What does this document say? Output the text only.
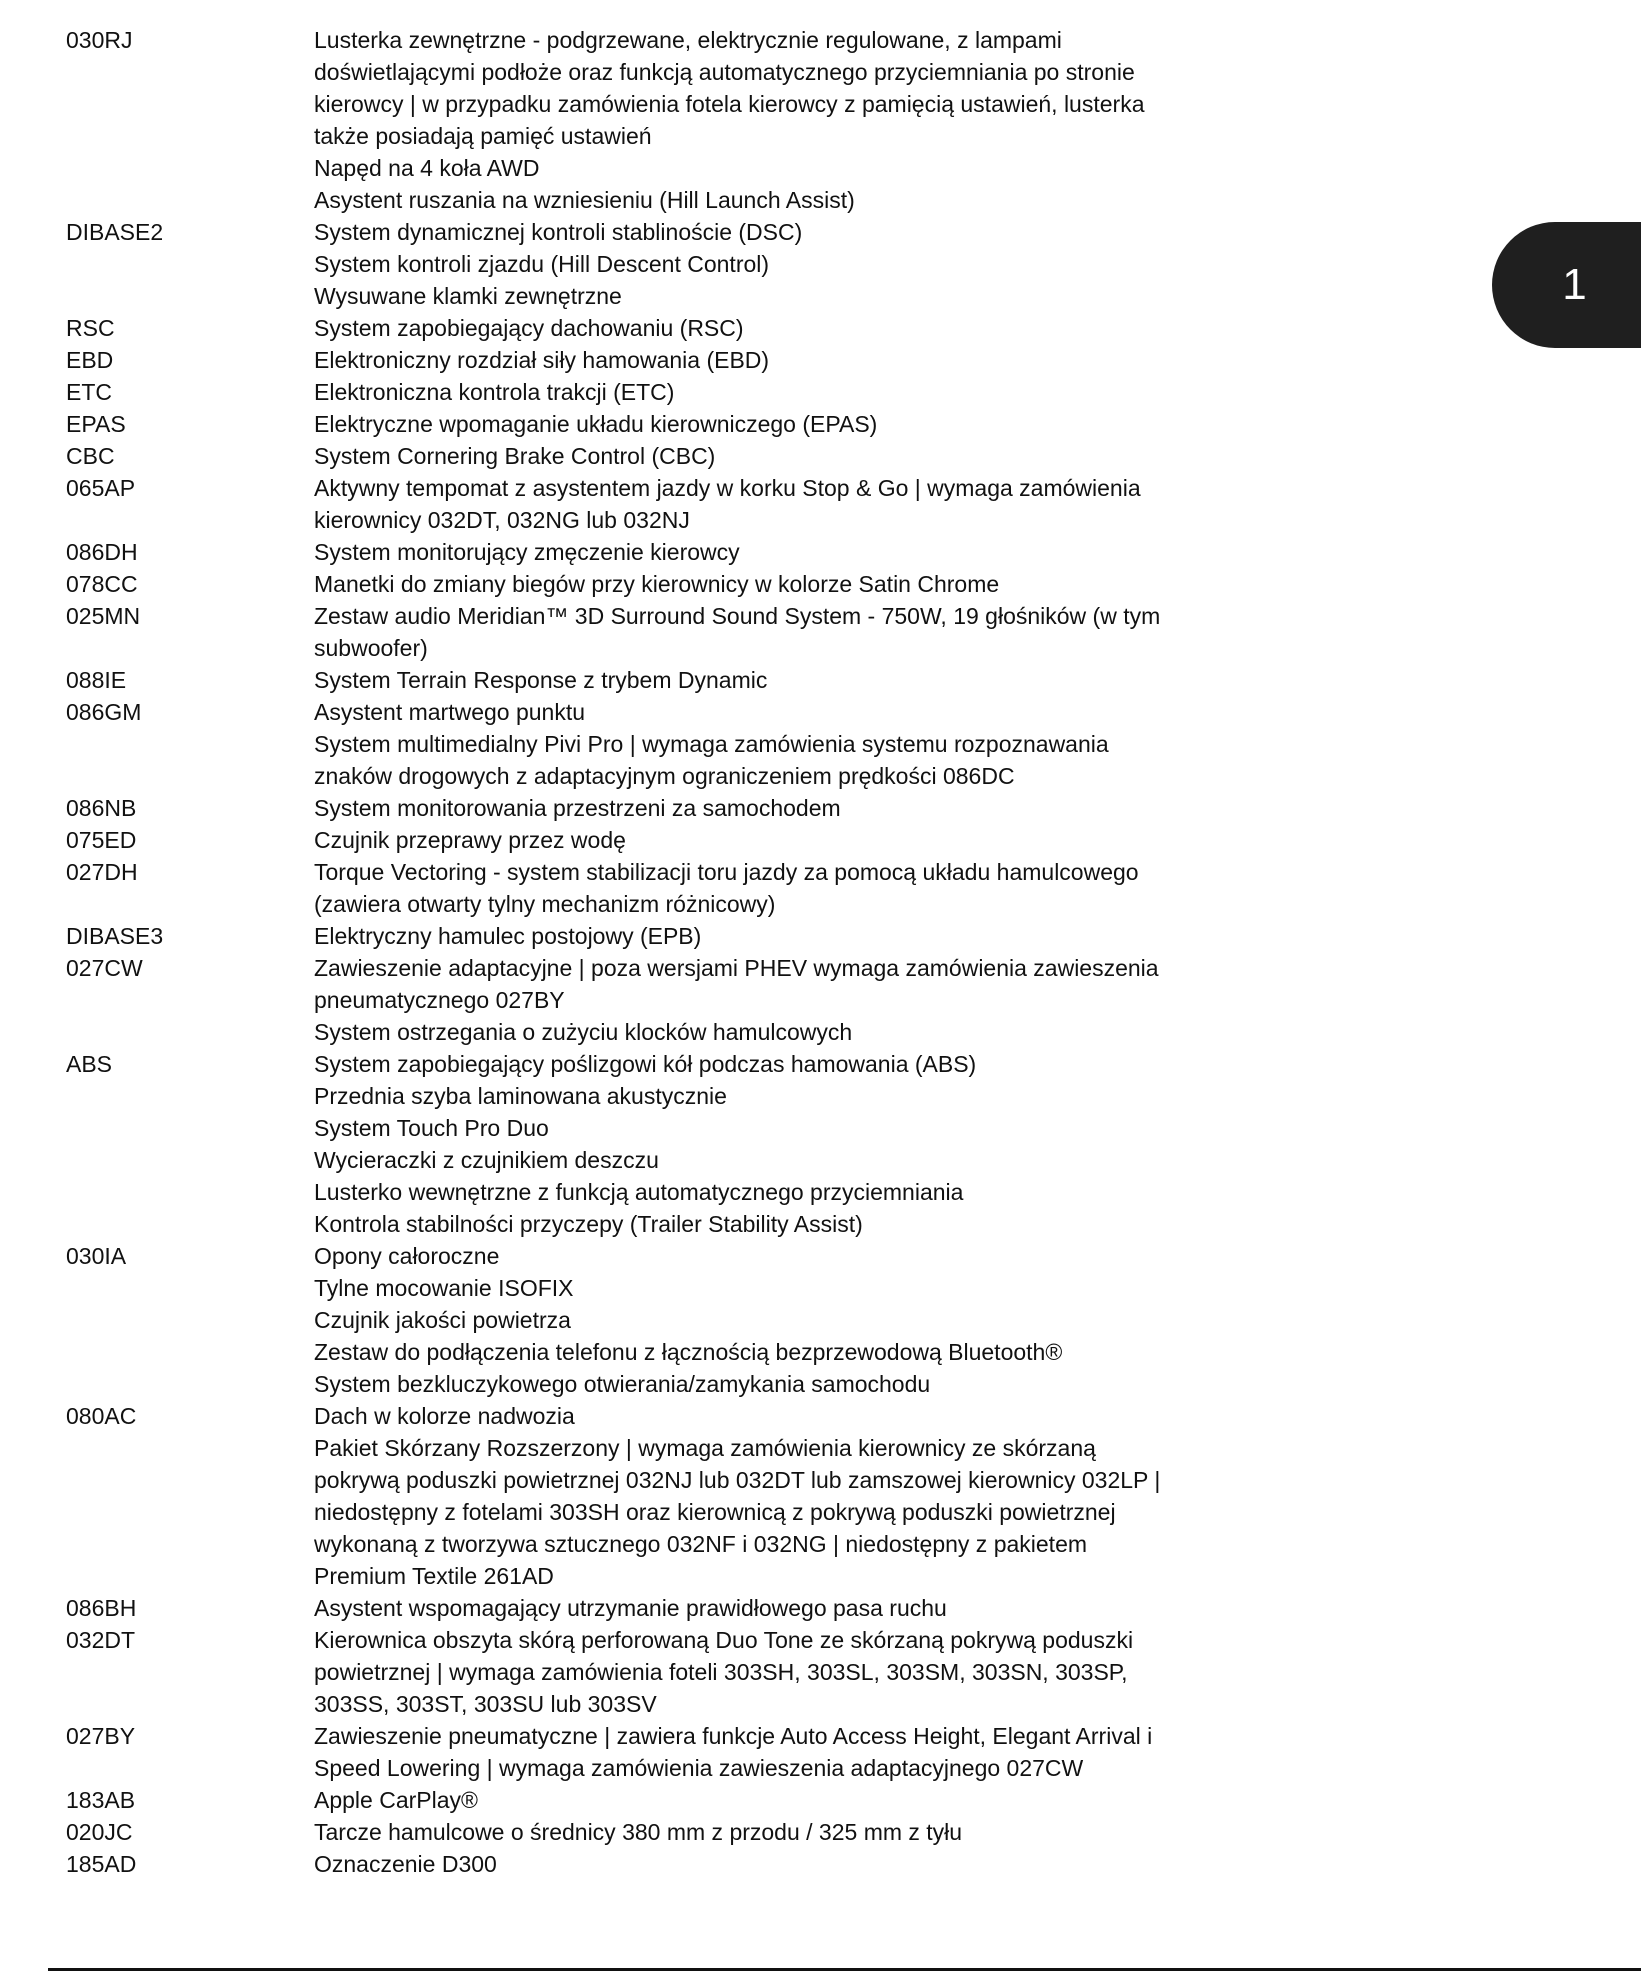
030RJ	Lusterka zewnętrzne - podgrzewane, elektrycznie regulowane, z lampami
doświetlającymi podłoże oraz funkcją automatycznego przyciemniania po stronie
kierowcy | w przypadku zamówienia fotela kierowcy z pamięcią ustawień, lusterka
także posiadają pamięć ustawień
Napęd na 4 koła AWD
Asystent ruszania na wzniesieniu (Hill Launch Assist)
DIBASE2	System dynamicznej kontroli stablinoście (DSC)
System kontroli zjazdu (Hill Descent Control)
Wysuwane klamki zewnętrzne
RSC	System zapobiegający dachowaniu (RSC)
EBD	Elektroniczny rozdział siły hamowania (EBD)
ETC	Elektroniczna kontrola trakcji (ETC)
EPAS	Elektryczne wpomaganie układu kierowniczego (EPAS)
CBC	System Cornering Brake Control (CBC)
065AP	Aktywny tempomat z asystentem jazdy w korku Stop & Go | wymaga zamówienia
kierownicy 032DT, 032NG lub 032NJ
086DH	System monitorujący zmęczenie kierowcy
078CC	Manetki do zmiany biegów przy kierownicy w kolorze Satin Chrome
025MN	Zestaw audio Meridian™ 3D Surround Sound System - 750W, 19 głośników (w tym
subwoofer)
088IE	System Terrain Response z trybem Dynamic
086GM	Asystent martwego punktu
System multimedialny Pivi Pro | wymaga zamówienia systemu rozpoznawania
znaków drogowych z adaptacyjnym ograniczeniem prędkości 086DC
086NB	System monitorowania przestrzeni za samochodem
075ED	Czujnik przeprawy przez wodę
027DH	Torque Vectoring - system stabilizacji toru jazdy za pomocą układu hamulcowego
(zawiera otwarty tylny mechanizm różnicowy)
DIBASE3	Elektryczny hamulec postojowy (EPB)
027CW	Zawieszenie adaptacyjne | poza wersjami PHEV wymaga zamówienia zawieszenia
pneumatycznego 027BY
System ostrzegania o zużyciu klocków hamulcowych
ABS	System zapobiegający poślizgowi kół podczas hamowania (ABS)
Przednia szyba laminowana akustycznie
System Touch Pro Duo
Wycieraczki z czujnikiem deszczu
Lusterko wewnętrzne z funkcją automatycznego przyciemniania
Kontrola stabilności przyczepy (Trailer Stability Assist)
030IA	Opony całoroczne
Tylne mocowanie ISOFIX
Czujnik jakości powietrza
Zestaw do podłączenia telefonu z łącznością bezprzewodową Bluetooth®
System bezkluczykowego otwierania/zamykania samochodu
080AC	Dach w kolorze nadwozia
Pakiet Skórzany Rozszerzony | wymaga zamówienia kierownicy ze skórzaną
pokrywą poduszki powietrznej 032NJ lub 032DT lub zamszowej kierownicy 032LP |
niedostępny z fotelami 303SH oraz kierownicą z pokrywą poduszki powietrznej
wykonaną z tworzywa sztucznego 032NF i 032NG | niedostępny z pakietem
Premium Textile 261AD
086BH	Asystent wspomagający utrzymanie prawidłowego pasa ruchu
032DT	Kierownica obszyta skórą perforowaną Duo Tone ze skórzaną pokrywą poduszki
powietrznej | wymaga zamówienia foteli 303SH, 303SL, 303SM, 303SN, 303SP,
303SS, 303ST, 303SU lub 303SV
027BY	Zawieszenie pneumatyczne | zawiera funkcje Auto Access Height, Elegant Arrival i
Speed Lowering | wymaga zamówienia zawieszenia adaptacyjnego 027CW
183AB	Apple CarPlay®
020JC	Tarcze hamulcowe o średnicy 380 mm z przodu / 325 mm z tyłu
185AD	Oznaczenie D300
1
